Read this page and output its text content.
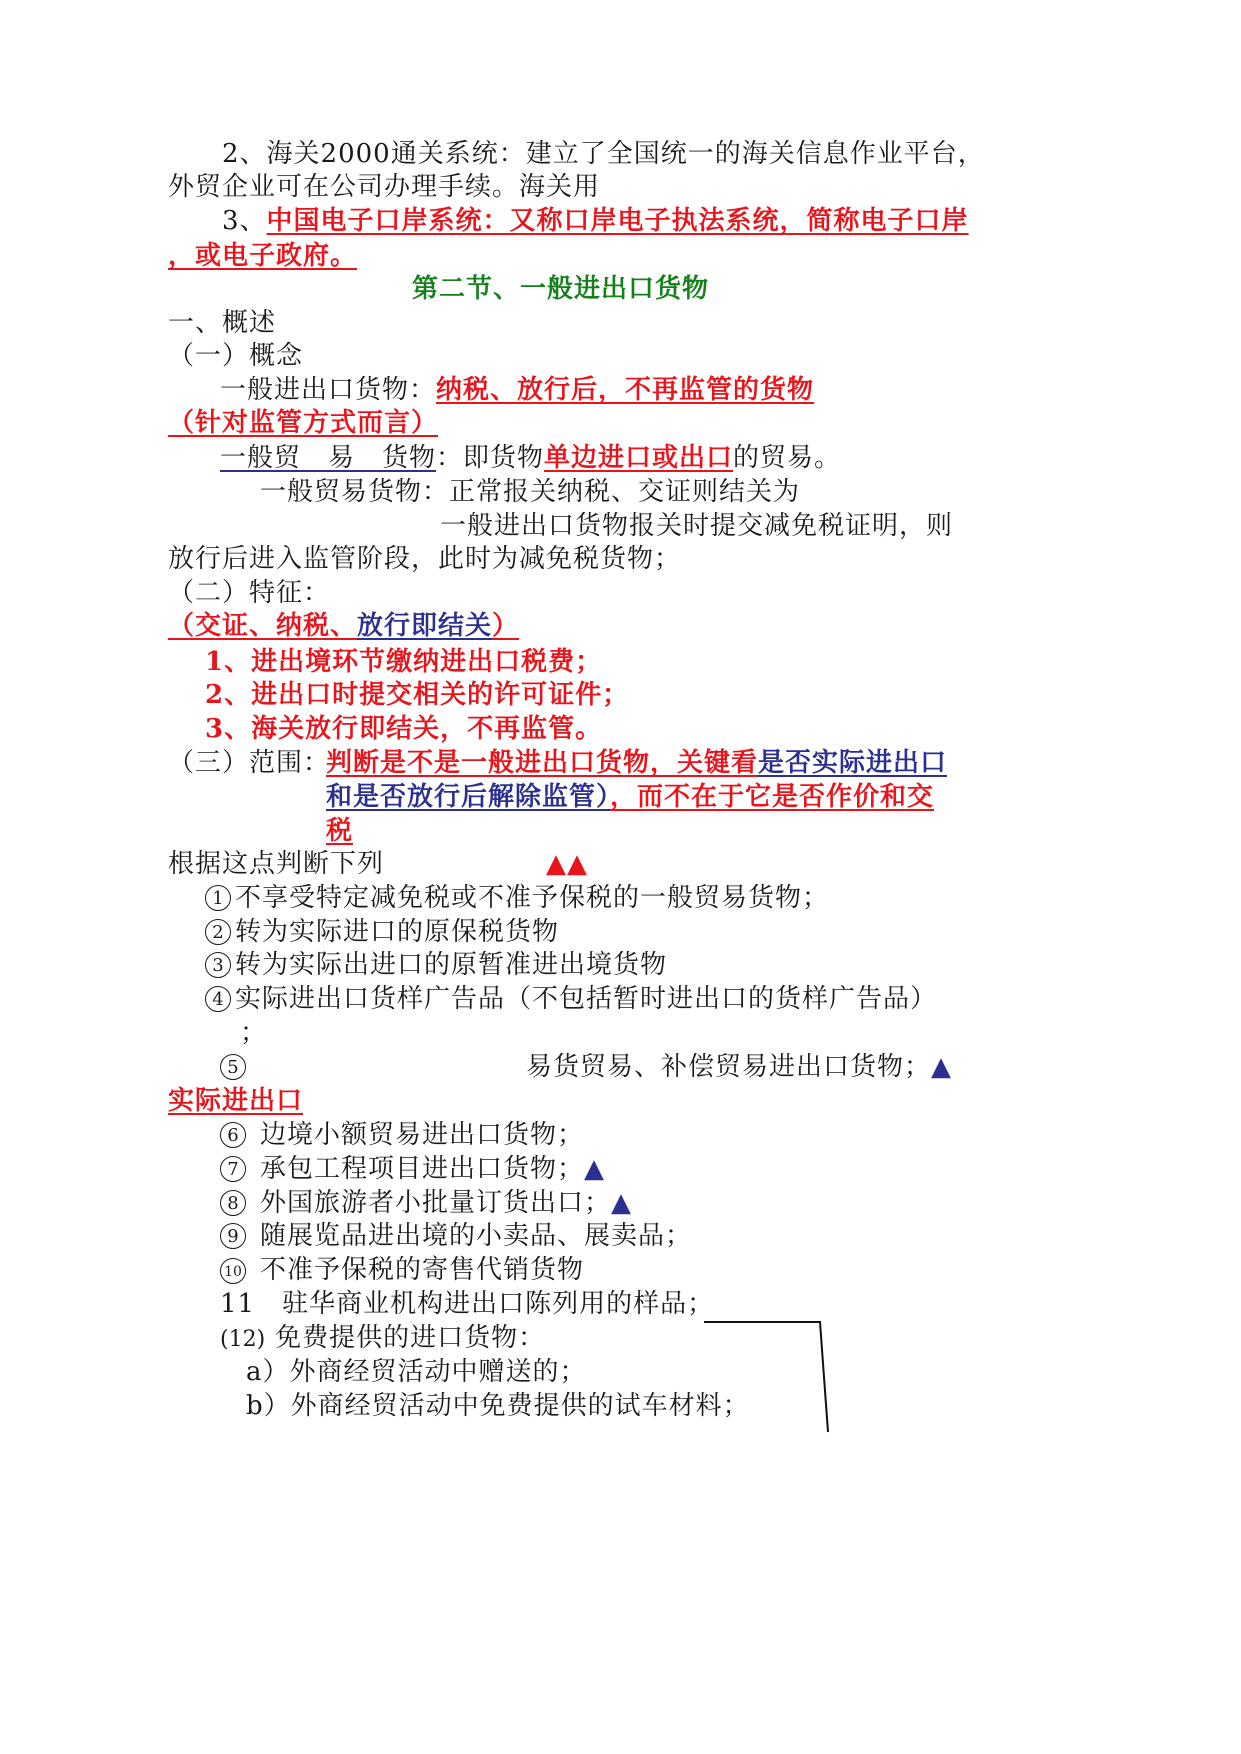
2、海关2000通关系统：建立了全国统一的海关信息作业平台，
外贸企业可在公司办理手续。海关用
3、中国电子口岸系统：又称口岸电子执法系统，简称电子口岸
，或电子政府。
第二节、一般进出口货物
一、概述
（一）概念
一般进出口货物：纳税、放行后，不再监管的货物
（针对监管方式而言）
一般贸　易　货物：即货物单边进口或出口的贸易。
一般贸易货物：正常报关纳税、交证则结关为
一般进出口货物报关时提交减免税证明，则
放行后进入监管阶段，此时为减免税货物；
（二）特征：
（交证、纳税、放行即结关）
1、进出境环节缴纳进出口税费；
2、进出口时提交相关的许可证件；
3、海关放行即结关，不再监管。
（三）范围：
判断是不是一般进出口货物，关键看是否实际进出口
和是否放行后解除监管），而不在于它是否作价和交
税
根据这点判断下列	▲▲
1 不享受特定减免税或不准予保税的一般贸易货物；
2 转为实际进口的原保税货物
3 转为实际出进口的原暂准进出境货物
4 实际进出口货样广告品（不包括暂时进出口的货样广告品）
；
5	易货贸易、补偿贸易进出口货物；▲
实际进出口
6 边境小额贸易进出口货物；
7 承包工程项目进出口货物；▲
8 外国旅游者小批量订货出口；▲
9 随展览品进出境的小卖品、展卖品；
10 不准予保税的寄售代销货物
11　驻华商业机构进出口陈列用的样品；
(12) 免费提供的进口货物：
a）外商经贸活动中赠送的；
b）外商经贸活动中免费提供的试车材料；
